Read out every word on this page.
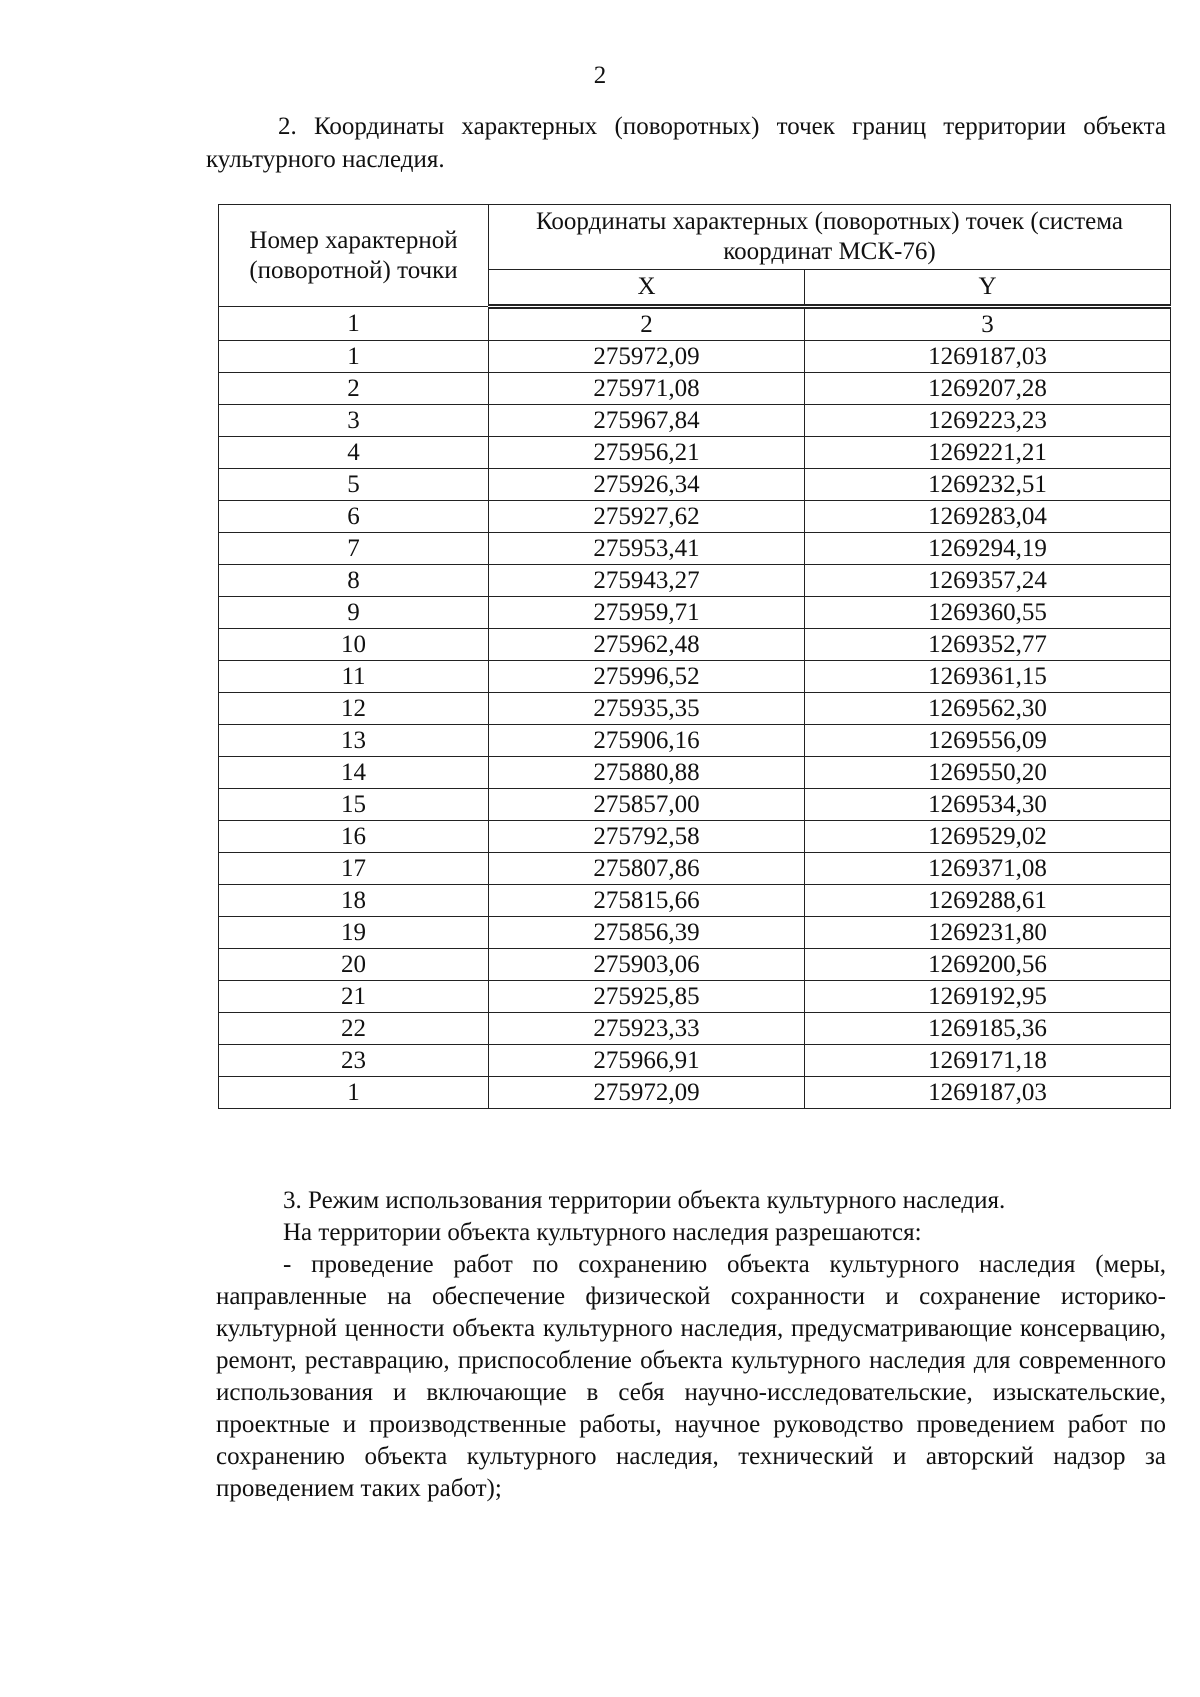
2

2. Координаты характерных (поворотных) точек границ территории объекта культурного наследия.

Номер характерной (поворотной) точки	Координаты характерных (поворотных) точек (система координат МСК-76)	
	X	Y
1	2	3
1	275972,09	1269187,03
2	275971,08	1269207,28
3	275967,84	1269223,23
4	275956,21	1269221,21
5	275926,34	1269232,51
6	275927,62	1269283,04
7	275953,41	1269294,19
8	275943,27	1269357,24
9	275959,71	1269360,55
10	275962,48	1269352,77
11	275996,52	1269361,15
12	275935,35	1269562,30
13	275906,16	1269556,09
14	275880,88	1269550,20
15	275857,00	1269534,30
16	275792,58	1269529,02
17	275807,86	1269371,08
18	275815,66	1269288,61
19	275856,39	1269231,80
20	275903,06	1269200,56
21	275925,85	1269192,95
22	275923,33	1269185,36
23	275966,91	1269171,18
1	275972,09	1269187,03

3. Режим использования территории объекта культурного наследия.

На территории объекта культурного наследия разрешаются:

- проведение работ по сохранению объекта культурного наследия (меры, направленные на обеспечение физической сохранности и сохранение историко-культурной ценности объекта культурного наследия, предусматривающие консервацию, ремонт, реставрацию, приспособление объекта культурного наследия для современного использования и включающие в себя научно-исследовательские, изыскательские, проектные и производственные работы, научное руководство проведением работ по сохранению объекта культурного наследия, технический и авторский надзор за проведением таких работ);
